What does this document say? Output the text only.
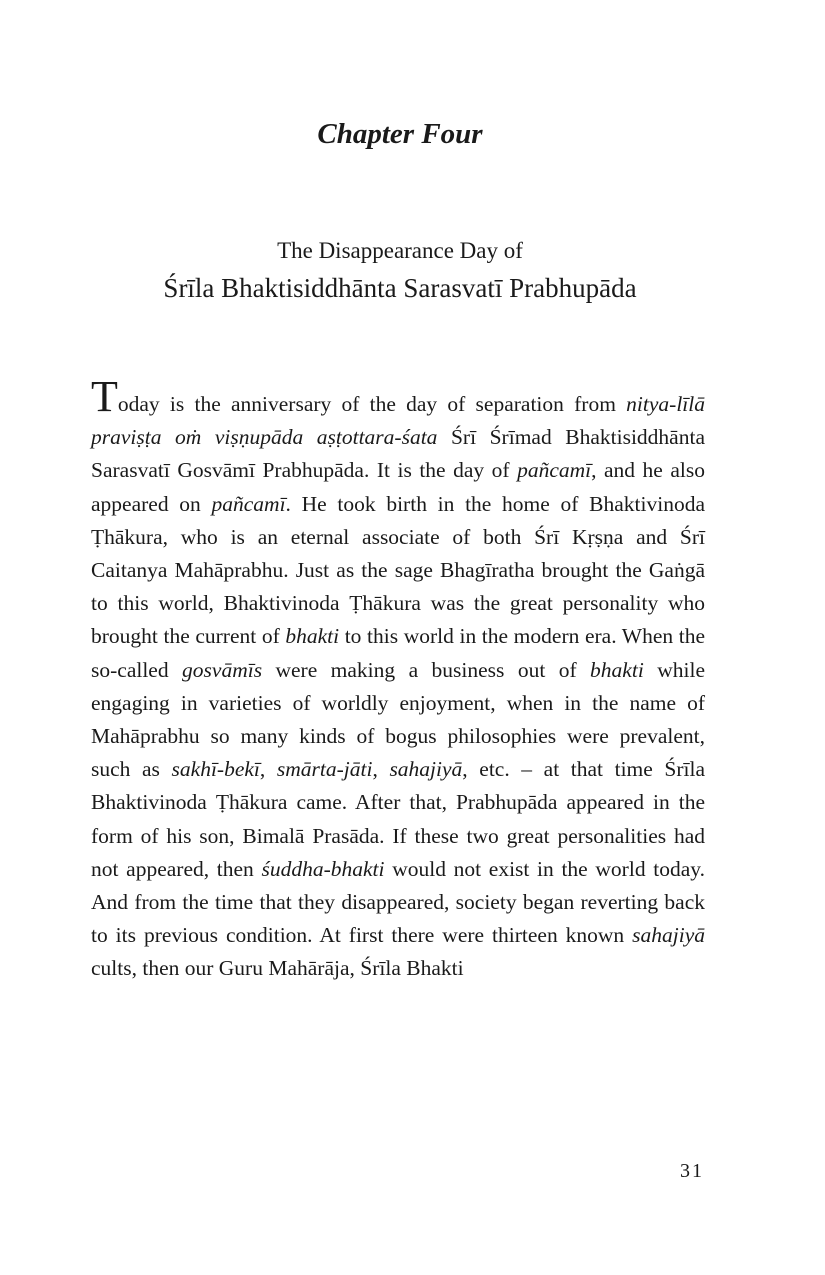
Chapter Four
The Disappearance Day of
Śrīla Bhaktisiddhānta Sarasvatī Prabhupāda

Today is the anniversary of the day of separation from nitya-līlā praviṣṭa oṁ viṣṇupāda aṣṭottara-śata Śrī Śrīmad Bhaktisiddhānta Sarasvatī Gosvāmī Prabhupāda. It is the day of pañcamī, and he also appeared on pañcamī. He took birth in the home of Bhaktivinoda Ṭhākura, who is an eternal associate of both Śrī Kṛṣṇa and Śrī Caitanya Mahāprabhu. Just as the sage Bhagīratha brought the Gaṅgā to this world, Bhaktivinoda Ṭhākura was the great personality who brought the current of bhakti to this world in the modern era. When the so-called gosvāmīs were making a business out of bhakti while engaging in varieties of worldly enjoyment, when in the name of Mahāprabhu so many kinds of bogus philosophies were prevalent, such as sakhī-bekī, smārta-jāti, sahajiyā, etc. – at that time Śrīla Bhaktivinoda Ṭhākura came. After that, Prabhupāda appeared in the form of his son, Bimalā Prasāda. If these two great personalities had not appeared, then śuddha-bhakti would not exist in the world today. And from the time that they disappeared, society began reverting back to its previous condition. At first there were thirteen known sahajiyā cults, then our Guru Mahārāja, Śrīla Bhakti

31
